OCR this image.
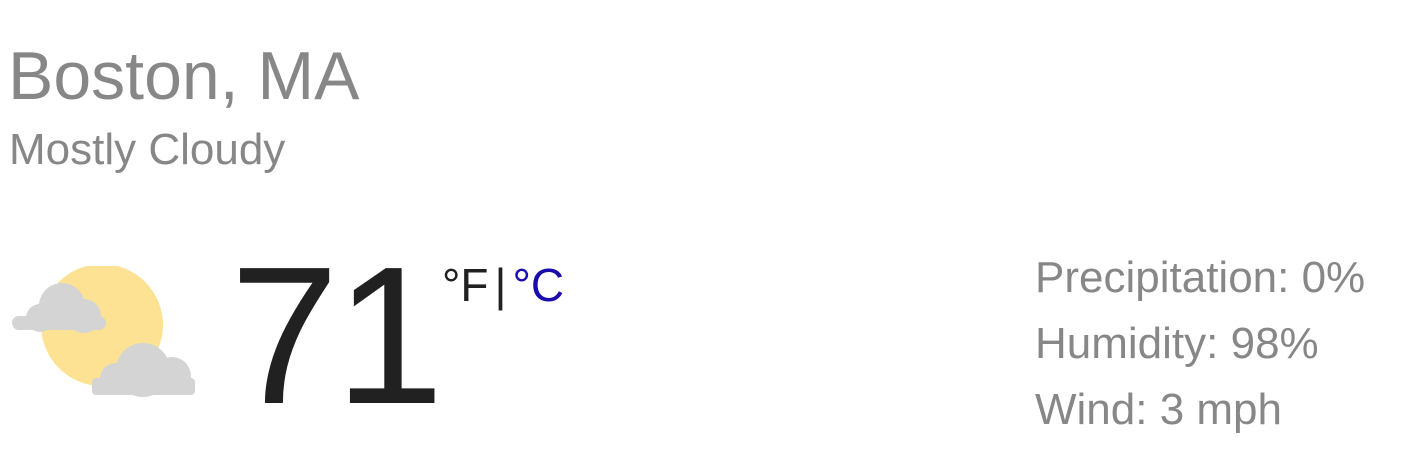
Boston, MA
Mostly Cloudy
71 °F | °C	Precipitation: 0%
Humidity: 98%
Wind: 3 mph
